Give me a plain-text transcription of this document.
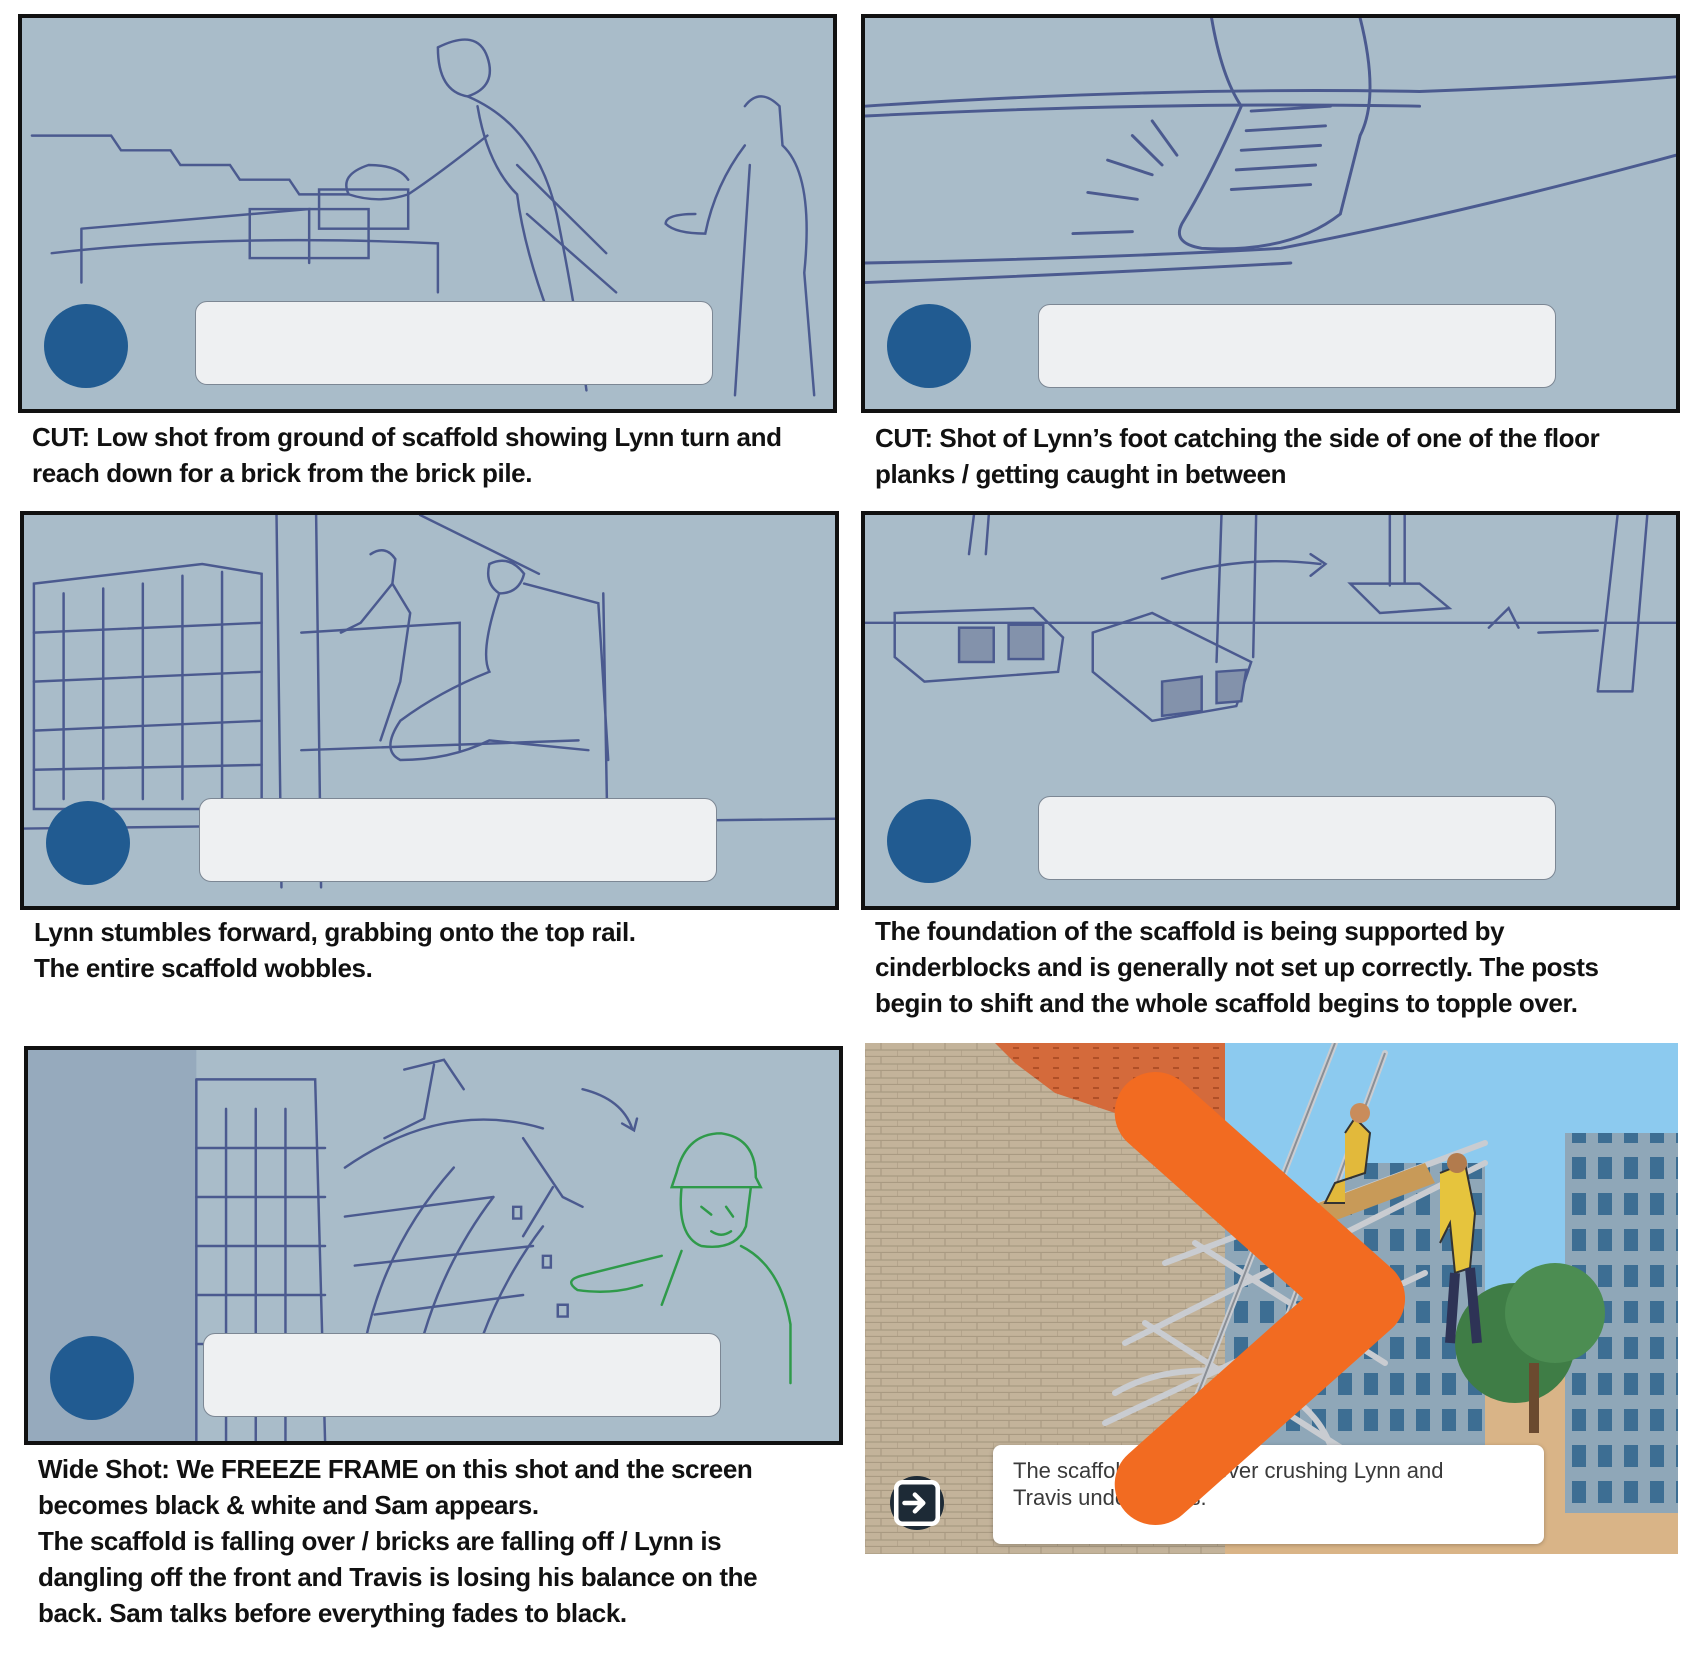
CUT: Low shot from ground of scaffold showing Lynn turn and
reach down for a brick from the brick pile.

CUT: Shot of Lynn’s foot catching the side of one of the floor
planks / getting caught in between

Lynn stumbles forward, grabbing onto the top rail.
The entire scaffold wobbles.

The foundation of the scaffold is being supported by
cinderblocks and is generally not set up correctly. The posts
begin to shift and the whole scaffold begins to topple over.

Wide Shot: We FREEZE FRAME on this shot and the screen
becomes black & white and Sam appears.
The scaffold is falling over / bricks are falling off / Lynn is
dangling off the front and Travis is losing his balance on the
back. Sam talks before everything fades to black.

The scaffold topples over crushing Lynn and
Travis under debris.
